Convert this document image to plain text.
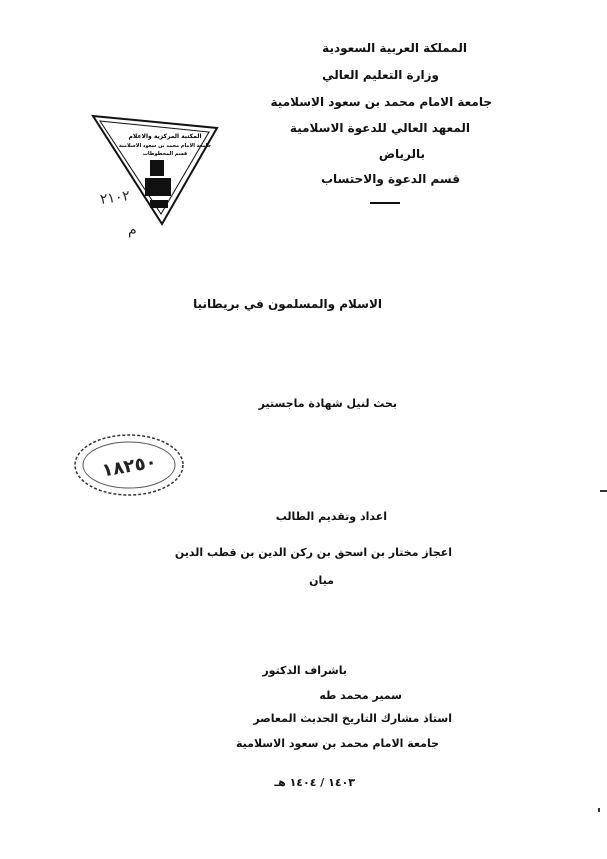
المملكة العربية السعودية
وزارة التعليم العالي
جامعة الامام محمد بن سعود الاسلامية
المعهد العالي للدعوة الاسلامية
بالرياض
قسم الدعوة والاحتساب
المكتبة المركزية والاعلام
جامعة الامام محمد بن سعود الاسلامية
قسم المخطوطات
٢١٠٢
م
الاسلام والمسلمون في بريطانيا
بحث لنيل شهادة ماجستير
١٨٢٥٠
اعداد وتقديم الطالب
اعجاز مختار بن اسحق بن ركن الدين بن قطب الدين
ميان
باشراف الدكتور
سمير محمد طه
استاذ مشارك التاريخ الحديث المعاصر
جامعة الامام محمد بن سعود الاسلامية
١٤٠٣ / ١٤٠٤ هـ
